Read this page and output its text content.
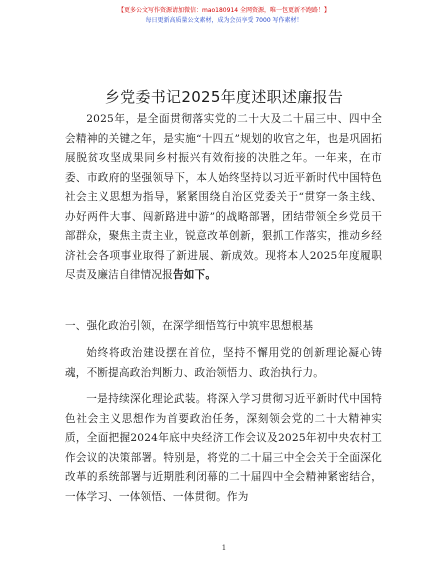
【更多公文写作资源请加微信：mao180914 全网资源，唯一包更新不跑路！】
每日更新高质量公文素材，成为会员享受 7000 写作素材！
乡党委书记2025年度述职述廉报告
2025年，是全面贯彻落实党的二十大及二十届三中、四中全会精神的关键之年，是实施“十四五”规划的收官之年，也是巩固拓展脱贫攻坚成果同乡村振兴有效衔接的决胜之年。一年来，在市委、市政府的坚强领导下，本人始终坚持以习近平新时代中国特色社会主义思想为指导，紧紧围绕自治区党委关于“贯穿一条主线、办好两件大事、闯新路进中游”的战略部署，团结带领全乡党员干部群众，聚焦主责主业，锐意改革创新，狠抓工作落实，推动乡经济社会各项事业取得了新进展、新成效。现将本人2025年度履职尽责及廉洁自律情况报告如下。
一、强化政治引领，在深学细悟笃行中筑牢思想根基
始终将政治建设摆在首位，坚持不懈用党的创新理论凝心铸魂，不断提高政治判断力、政治领悟力、政治执行力。
一是持续深化理论武装。将深入学习贯彻习近平新时代中国特色社会主义思想作为首要政治任务，深刻领会党的二十大精神实质，全面把握2024年底中央经济工作会议及2025年初中央农村工作会议的决策部署。特别是，将党的二十届三中全会关于全面深化改革的系统部署与近期胜利闭幕的二十届四中全会精神紧密结合，一体学习、一体领悟、一体贯彻。作为
1
